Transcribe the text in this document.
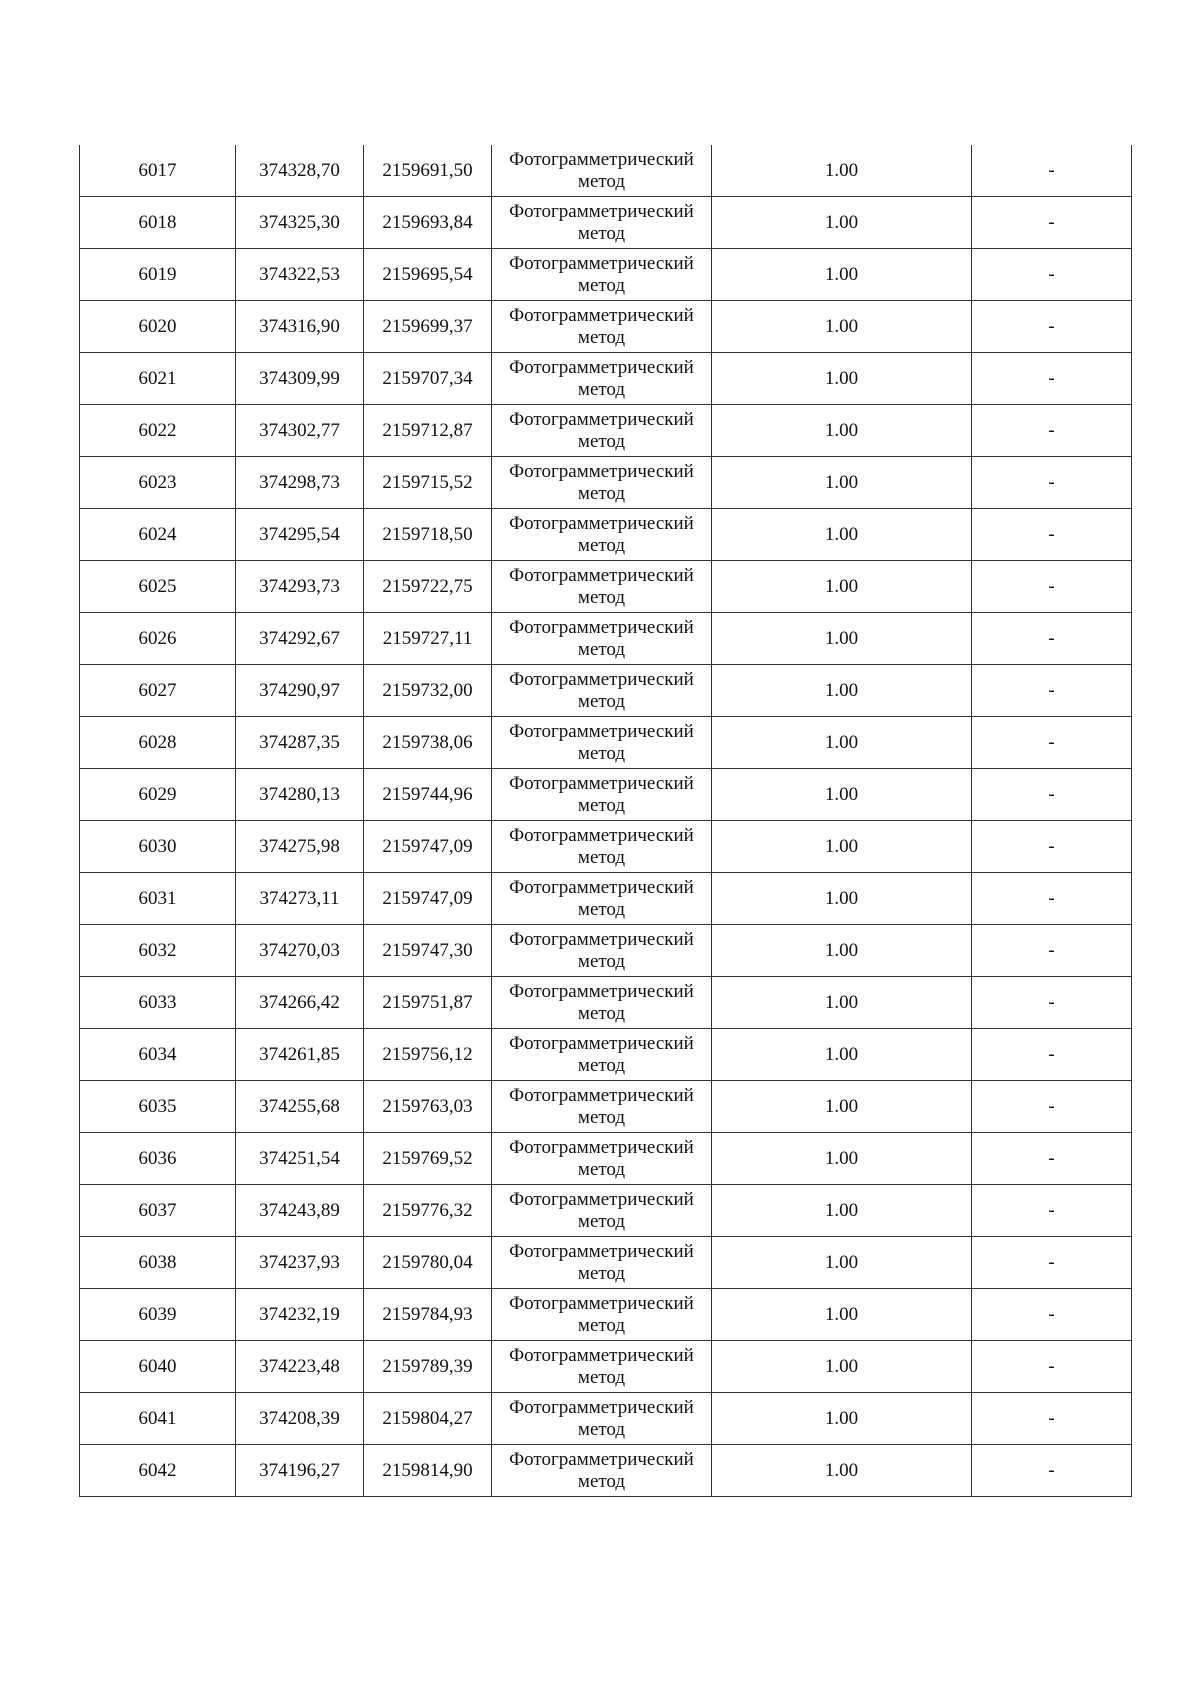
6017	374328,70	2159691,50	Фотограмметрический
метод	1.00	-
6018	374325,30	2159693,84	Фотограмметрический
метод	1.00	-
6019	374322,53	2159695,54	Фотограмметрический
метод	1.00	-
6020	374316,90	2159699,37	Фотограмметрический
метод	1.00	-
6021	374309,99	2159707,34	Фотограмметрический
метод	1.00	-
6022	374302,77	2159712,87	Фотограмметрический
метод	1.00	-
6023	374298,73	2159715,52	Фотограмметрический
метод	1.00	-
6024	374295,54	2159718,50	Фотограмметрический
метод	1.00	-
6025	374293,73	2159722,75	Фотограмметрический
метод	1.00	-
6026	374292,67	2159727,11	Фотограмметрический
метод	1.00	-
6027	374290,97	2159732,00	Фотограмметрический
метод	1.00	-
6028	374287,35	2159738,06	Фотограмметрический
метод	1.00	-
6029	374280,13	2159744,96	Фотограмметрический
метод	1.00	-
6030	374275,98	2159747,09	Фотограмметрический
метод	1.00	-
6031	374273,11	2159747,09	Фотограмметрический
метод	1.00	-
6032	374270,03	2159747,30	Фотограмметрический
метод	1.00	-
6033	374266,42	2159751,87	Фотограмметрический
метод	1.00	-
6034	374261,85	2159756,12	Фотограмметрический
метод	1.00	-
6035	374255,68	2159763,03	Фотограмметрический
метод	1.00	-
6036	374251,54	2159769,52	Фотограмметрический
метод	1.00	-
6037	374243,89	2159776,32	Фотограмметрический
метод	1.00	-
6038	374237,93	2159780,04	Фотограмметрический
метод	1.00	-
6039	374232,19	2159784,93	Фотограмметрический
метод	1.00	-
6040	374223,48	2159789,39	Фотограмметрический
метод	1.00	-
6041	374208,39	2159804,27	Фотограмметрический
метод	1.00	-
6042	374196,27	2159814,90	Фотограмметрический
метод	1.00	-
